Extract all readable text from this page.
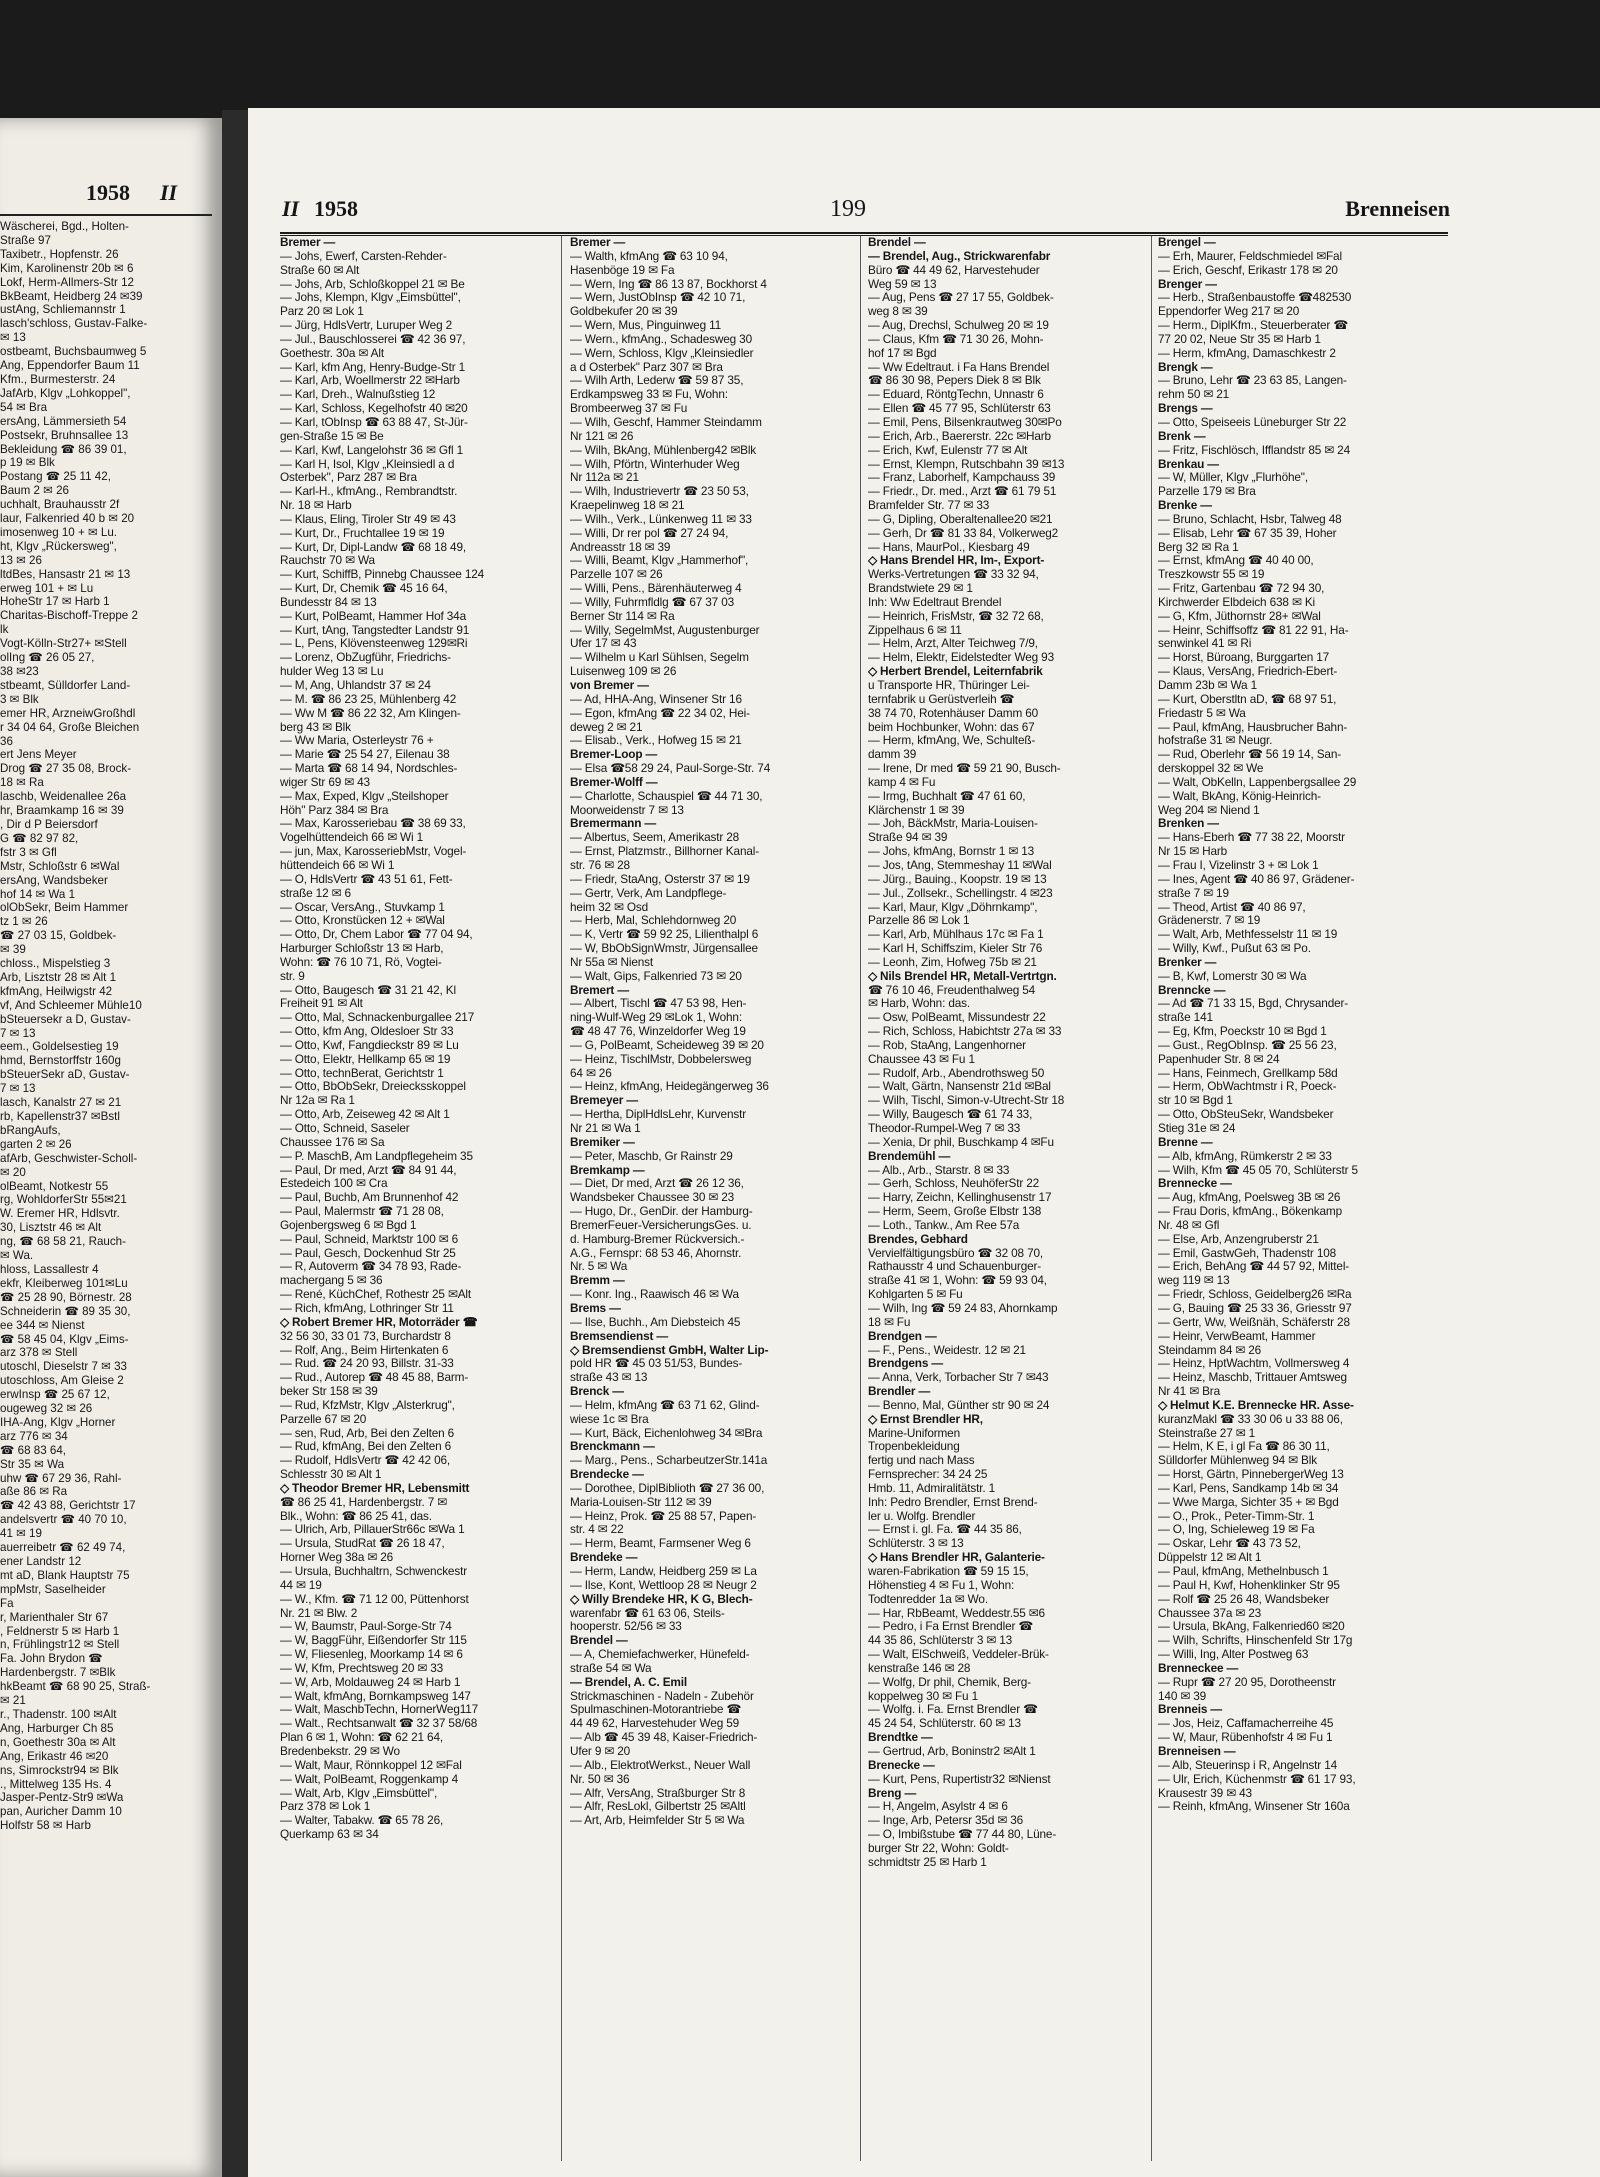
1958 II
Wäscherei, Bgd., Holten-
Straße 97
Taxibetr., Hopfenstr. 26
Kim, Karolinenstr 20b ✉ 6
Lokf, Herm-Allmers-Str 12
BkBeamt, Heidberg 24 ✉39
ustAng, Schliemannstr 1
lasch'schloss, Gustav-Falke-
✉ 13
ostbeamt, Buchsbaumweg 5
Ang, Eppendorfer Baum 11
Kfm., Burmesterstr. 24
JafArb, Klgv „Lohkoppel",
54 ✉ Bra
ersAng, Lämmersieth 54
Postsekr, Bruhnsallee 13
Bekleidung ☎ 86 39 01,
p 19 ✉ Blk
Postang ☎ 25 11 42,
Baum 2 ✉ 26
uchhalt, Brauhausstr 2f
laur, Falkenried 40 b ✉ 20
imosenweg 10 + ✉ Lu.
ht, Klgv „Rückersweg",
13 ✉ 26
ltdBes, Hansastr 21 ✉ 13
erweg 101 + ✉ Lu
HoheStr 17 ✉ Harb 1
Charitas-Bischoff-Treppe 2
lk
Vogt-Kölln-Str27+ ✉Stell
olIng ☎ 26 05 27,
38 ✉23
stbeamt, Sülldorfer Land-
3 ✉ Blk
emer HR, ArzneiwGroßhdl
r 34 04 64, Große Bleichen
36
ert Jens Meyer
Drog ☎ 27 35 08, Brock-
18 ✉ Ra
laschb, Weidenallee 26a
hr, Braamkamp 16 ✉ 39
, Dir d P Beiersdorf
G ☎ 82 97 82,
fstr 3 ✉ Gfl
Mstr, Schloßstr 6 ✉Wal
ersAng, Wandsbeker
hof 14 ✉ Wa 1
olObSekr, Beim Hammer
tz 1 ✉ 26
☎ 27 03 15, Goldbek-
✉ 39
chloss., Mispelstieg 3
Arb, Lisztstr 28 ✉ Alt 1
kfmAng, Heilwigstr 42
vf, And Schleemer Mühle10
bSteuersekr a D, Gustav-
7 ✉ 13
eem., Goldelsestieg 19
hmd, Bernstorffstr 160g
bSteuerSekr aD, Gustav-
7 ✉ 13
lasch, Kanalstr 27 ✉ 21
rb, Kapellenstr37 ✉Bstl
bRangAufs,
garten 2 ✉ 26
afArb, Geschwister-Scholl-
✉ 20
olBeamt, Notkestr 55
rg, WohldorferStr 55✉21
W. Eremer HR, Hdlsvtr.
30, Lisztstr 46 ✉ Alt
ng, ☎ 68 58 21, Rauch-
✉ Wa.
hloss, Lassallestr 4
ekfr, Kleiberweg 101✉Lu
☎ 25 28 90, Börnestr. 28
Schneiderin ☎ 89 35 30,
ee 344 ✉ Nienst
☎ 58 45 04, Klgv „Eims-
arz 378 ✉ Stell
utoschl, Dieselstr 7 ✉ 33
utoschloss, Am Gleise 2
erwInsp ☎ 25 67 12,
ougeweg 32 ✉ 26
IHA-Ang, Klgv „Horner
arz 776 ✉ 34
☎ 68 83 64,
Str 35 ✉ Wa
uhw ☎ 67 29 36, Rahl-
aße 86 ✉ Ra
☎ 42 43 88, Gerichtstr 17
andelsvertr ☎ 40 70 10,
41 ✉ 19
auerreibetr ☎ 62 49 74,
ener Landstr 12
mt aD, Blank Hauptstr 75
mpMstr, Saselheider
Fa
r, Marienthaler Str 67
, Feldnerstr 5 ✉ Harb 1
n, Frühlingstr12 ✉ Stell
Fa. John Brydon ☎
Hardenbergstr. 7 ✉Blk
hkBeamt ☎ 68 90 25, Straß-
✉ 21
r., Thadenstr. 100 ✉Alt
Ang, Harburger Ch 85
n, Goethestr 30a ✉ Alt
Ang, Erikastr 46 ✉20
ns, Simrockstr94 ✉ Blk
., Mittelweg 135 Hs. 4
Jasper-Pentz-Str9 ✉Wa
pan, Auricher Damm 10
Holfstr 58 ✉ Harb
II 1958	199	Brenneisen
Bremer —
— Johs, Ewerf, Carsten-Rehder-
Straße 60 ✉ Alt
— Johs, Arb, Schloßkoppel 21 ✉ Be
— Johs, Klempn, Klgv „Eimsbüttel",
Parz 20 ✉ Lok 1
— Jürg, HdlsVertr, Luruper Weg 2
— Jul., Bauschlosserei ☎ 42 36 97,
Goethestr. 30a ✉ Alt
— Karl, kfm Ang, Henry-Budge-Str 1
— Karl, Arb, Woellmerstr 22 ✉Harb
— Karl, Dreh., Walnußstieg 12
— Karl, Schloss, Kegelhofstr 40 ✉20
— Karl, tObInsp ☎ 63 88 47, St-Jür-
gen-Straße 15 ✉ Be
— Karl, Kwf, Langelohstr 36 ✉ Gfl 1
— Karl H, Isol, Klgv „Kleinsiedl a d
Osterbek", Parz 287 ✉ Bra
— Karl-H., kfmAng., Rembrandtstr.
Nr. 18 ✉ Harb
— Klaus, Eling, Tiroler Str 49 ✉ 43
— Kurt, Dr., Fruchtallee 19 ✉ 19
— Kurt, Dr, Dipl-Landw ☎ 68 18 49,
Rauchstr 70 ✉ Wa
— Kurt, SchiffB, Pinnebg Chaussee 124
— Kurt, Dr, Chemik ☎ 45 16 64,
Bundesstr 84 ✉ 13
— Kurt, PolBeamt, Hammer Hof 34a
— Kurt, tAng, Tangstedter Landstr 91
— L, Pens, Klövensteenweg 129✉Ri
— Lorenz, ObZugführ, Friedrichs-
hulder Weg 13 ✉ Lu
— M, Ang, Uhlandstr 37 ✉ 24
— M. ☎ 86 23 25, Mühlenberg 42
— Ww M ☎ 86 22 32, Am Klingen-
berg 43 ✉ Blk
— Ww Maria, Osterleystr 76 +
— Marie ☎ 25 54 27, Eilenau 38
— Marta ☎ 68 14 94, Nordschles-
wiger Str 69 ✉ 43
— Max, Exped, Klgv „Steilshoper
Höh" Parz 384 ✉ Bra
— Max, Karosseriebau ☎ 38 69 33,
Vogelhüttendeich 66 ✉ Wi 1
— jun, Max, KarosseriebMstr, Vogel-
hüttendeich 66 ✉ Wi 1
— O, HdlsVertr ☎ 43 51 61, Fett-
straße 12 ✉ 6
— Oscar, VersAng., Stuvkamp 1
— Otto, Kronstücken 12 + ✉Wal
— Otto, Dr, Chem Labor ☎ 77 04 94,
Harburger Schloßstr 13 ✉ Harb,
Wohn: ☎ 76 10 71, Rö, Vogtei-
str. 9
— Otto, Baugesch ☎ 31 21 42, Kl
Freiheit 91 ✉ Alt
— Otto, Mal, Schnackenburgallee 217
— Otto, kfm Ang, Oldesloer Str 33
— Otto, Kwf, Fangdieckstr 89 ✉ Lu
— Otto, Elektr, Hellkamp 65 ✉ 19
— Otto, technBerat, Gerichtstr 1
— Otto, BbObSekr, Dreiecksskoppel
Nr 12a ✉ Ra 1
— Otto, Arb, Zeiseweg 42 ✉ Alt 1
— Otto, Schneid, Saseler
Chaussee 176 ✉ Sa
— P. MaschB, Am Landpflegeheim 35
— Paul, Dr med, Arzt ☎ 84 91 44,
Estedeich 100 ✉ Cra
— Paul, Buchb, Am Brunnenhof 42
— Paul, Malermstr ☎ 71 28 08,
Gojenbergsweg 6 ✉ Bgd 1
— Paul, Schneid, Marktstr 100 ✉ 6
— Paul, Gesch, Dockenhud Str 25
— R, Autoverm ☎ 34 78 93, Rade-
machergang 5 ✉ 36
— René, KüchChef, Rothestr 25 ✉Alt
— Rich, kfmAng, Lothringer Str 11
◇ Robert Bremer HR, Motorräder ☎
32 56 30, 33 01 73, Burchardstr 8
— Rolf, Ang., Beim Hirtenkaten 6
— Rud. ☎ 24 20 93, Billstr. 31-33
— Rud., Autorep ☎ 48 45 88, Barm-
beker Str 158 ✉ 39
— Rud, KfzMstr, Klgv „Alsterkrug",
Parzelle 67 ✉ 20
— sen, Rud, Arb, Bei den Zelten 6
— Rud, kfmAng, Bei den Zelten 6
— Rudolf, HdlsVertr ☎ 42 42 06,
Schlesstr 30 ✉ Alt 1
◇ Theodor Bremer HR, Lebensmitt
☎ 86 25 41, Hardenbergstr. 7 ✉
Blk., Wohn: ☎ 86 25 41, das.
— Ulrich, Arb, PillauerStr66c ✉Wa 1
— Ursula, StudRat ☎ 26 18 47,
Horner Weg 38a ✉ 26
— Ursula, Buchhaltrn, Schwenckestr
44 ✉ 19
— W., Kfm. ☎ 71 12 00, Püttenhorst
Nr. 21 ✉ Blw. 2
— W, Baumstr, Paul-Sorge-Str 74
— W, BaggFühr, Eißendorfer Str 115
— W, Fliesenleg, Moorkamp 14 ✉ 6
— W, Kfm, Prechtsweg 20 ✉ 33
— W, Arb, Moldauweg 24 ✉ Harb 1
— Walt, kfmAng, Bornkampsweg 147
— Walt, MaschbTechn, HornerWeg117
— Walt., Rechtsanwalt ☎ 32 37 58/68
Plan 6 ✉ 1, Wohn: ☎ 62 21 64,
Bredenbekstr. 29 ✉ Wo
— Walt, Maur, Rönnkoppel 12 ✉Fal
— Walt, PolBeamt, Roggenkamp 4
— Walt, Arb, Klgv „Eimsbüttel",
Parz 378 ✉ Lok 1
— Walter, Tabakw. ☎ 65 78 26,
Querkamp 63 ✉ 34
Bremer —
— Walth, kfmAng ☎ 63 10 94,
Hasenböge 19 ✉ Fa
— Wern, Ing ☎ 86 13 87, Bockhorst 4
— Wern, JustObInsp ☎ 42 10 71,
Goldbekufer 20 ✉ 39
— Wern, Mus, Pinguinweg 11
— Wern., kfmAng., Schadesweg 30
— Wern, Schloss, Klgv „Kleinsiedler
a d Osterbek" Parz 307 ✉ Bra
— Wilh Arth, Lederw ☎ 59 87 35,
Erdkampsweg 33 ✉ Fu, Wohn:
Brombeerweg 37 ✉ Fu
— Wilh, Geschf, Hammer Steindamm
Nr 121 ✉ 26
— Wilh, BkAng, Mühlenberg42 ✉Blk
— Wilh, Pförtn, Winterhuder Weg
Nr 112a ✉ 21
— Wilh, Industrievertr ☎ 23 50 53,
Kraepelinweg 18 ✉ 21
— Wilh., Verk., Lünkenweg 11 ✉ 33
— Willi, Dr rer pol ☎ 27 24 94,
Andreasstr 18 ✉ 39
— Willi, Beamt, Klgv „Hammerhof",
Parzelle 107 ✉ 26
— Willi, Pens., Bärenhäuterweg 4
— Willy, Fuhrmfldlg ☎ 67 37 03
Berner Str 114 ✉ Ra
— Willy, SegelmMst, Augustenburger
Ufer 17 ✉ 43
— Wilhelm u Karl Sühlsen, Segelm
Luisenweg 109 ✉ 26
von Bremer —
— Ad, HHA-Ang, Winsener Str 16
— Egon, kfmAng ☎ 22 34 02, Hei-
deweg 2 ✉ 21
— Elisab., Verk., Hofweg 15 ✉ 21
Bremer-Loop —
— Elsa ☎58 29 24, Paul-Sorge-Str. 74
Bremer-Wolff —
— Charlotte, Schauspiel ☎ 44 71 30,
Moorweidenstr 7 ✉ 13
Bremermann —
— Albertus, Seem, Amerikastr 28
— Ernst, Platzmstr., Billhorner Kanal-
str. 76 ✉ 28
— Friedr, StaAng, Osterstr 37 ✉ 19
— Gertr, Verk, Am Landpflege-
heim 32 ✉ Osd
— Herb, Mal, Schlehdornweg 20
— K, Vertr ☎ 59 92 25, Lilienthalpl 6
— W, BbObSignWmstr, Jürgensallee
Nr 55a ✉ Nienst
— Walt, Gips, Falkenried 73 ✉ 20
Bremert —
— Albert, Tischl ☎ 47 53 98, Hen-
ning-Wulf-Weg 29 ✉Lok 1, Wohn:
☎ 48 47 76, Winzeldorfer Weg 19
— G, PolBeamt, Scheideweg 39 ✉ 20
— Heinz, TischlMstr, Dobbelersweg
64 ✉ 26
— Heinz, kfmAng, Heidegängerweg 36
Bremeyer —
— Hertha, DiplHdlsLehr, Kurvenstr
Nr 21 ✉ Wa 1
Bremiker —
— Peter, Maschb, Gr Rainstr 29
Bremkamp —
— Diet, Dr med, Arzt ☎ 26 12 36,
Wandsbeker Chaussee 30 ✉ 23
— Hugo, Dr., GenDir. der Hamburg-
BremerFeuer-VersicherungsGes. u.
d. Hamburg-Bremer Rückversich.-
A.G., Fernspr: 68 53 46, Ahornstr.
Nr. 5 ✉ Wa
Bremm —
— Konr. Ing., Raawisch 46 ✉ Wa
Brems —
— Ilse, Buchh., Am Diebsteich 45
Bremsendienst —
◇ Bremsendienst GmbH, Walter Lip-
pold HR ☎ 45 03 51/53, Bundes-
straße 43 ✉ 13
Brenck —
— Helm, kfmAng ☎ 63 71 62, Glind-
wiese 1c ✉ Bra
— Kurt, Bäck, Eichenlohweg 34 ✉Bra
Brenckmann —
— Marg., Pens., ScharbeutzerStr.141a
Brendecke —
— Dorothee, DiplBiblioth ☎ 27 36 00,
Maria-Louisen-Str 112 ✉ 39
— Heinz, Prok. ☎ 25 88 57, Papen-
str. 4 ✉ 22
— Herm, Beamt, Farmsener Weg 6
Brendeke —
— Herm, Landw, Heidberg 259 ✉ La
— Ilse, Kont, Wettloop 28 ✉ Neugr 2
◇ Willy Brendeke HR, K G, Blech-
warenfabr ☎ 61 63 06, Steils-
hooperstr. 52/56 ✉ 33
Brendel —
— A, Chemiefachwerker, Hünefeld-
straße 54 ✉ Wa
— Brendel, A. C. Emil
Strickmaschinen - Nadeln - Zubehör
Spulmaschinen-Motorantriebe ☎
44 49 62, Harvestehuder Weg 59
— Alb ☎ 45 39 48, Kaiser-Friedrich-
Ufer 9 ✉ 20
— Alb., ElektrotWerkst., Neuer Wall
Nr. 50 ✉ 36
— Alfr, VersAng, Straßburger Str 8
— Alfr, ResLokl, Gilbertstr 25 ✉Altl
— Art, Arb, Heimfelder Str 5 ✉ Wa
Brendel —
— Brendel, Aug., Strickwarenfabr
Büro ☎ 44 49 62, Harvestehuder
Weg 59 ✉ 13
— Aug, Pens ☎ 27 17 55, Goldbek-
weg 8 ✉ 39
— Aug, Drechsl, Schulweg 20 ✉ 19
— Claus, Kfm ☎ 71 30 26, Mohn-
hof 17 ✉ Bgd
— Ww Edeltraut. i Fa Hans Brendel
☎ 86 30 98, Pepers Diek 8 ✉ Blk
— Eduard, RöntgTechn, Unnastr 6
— Ellen ☎ 45 77 95, Schlüterstr 63
— Emil, Pens, Bilsenkrautweg 30✉Po
— Erich, Arb., Baererstr. 22c ✉Harb
— Erich, Kwf, Eulenstr 77 ✉ Alt
— Ernst, Klempn, Rutschbahn 39 ✉13
— Franz, Laborhelf, Kampchauss 39
— Friedr., Dr. med., Arzt ☎ 61 79 51
Bramfelder Str. 77 ✉ 33
— G, Dipling, Oberaltenallee20 ✉21
— Gerh, Dr ☎ 81 33 84, Volkerweg2
— Hans, MaurPol., Kiesbarg 49
◇ Hans Brendel HR, Im-, Export-
Werks-Vertretungen ☎ 33 32 94,
Brandstwiete 29 ✉ 1
Inh: Ww Edeltraut Brendel
— Heinrich, FrisMstr, ☎ 32 72 68,
Zippelhaus 6 ✉ 11
— Helm, Arzt, Alter Teichweg 7/9,
— Helm, Elektr, Eidelstedter Weg 93
◇ Herbert Brendel, Leiternfabrik
u Transporte HR, Thüringer Lei-
ternfabrik u Gerüstverleih ☎
38 74 70, Rotenhäuser Damm 60
beim Hochbunker, Wohn: das 67
— Herm, kfmAng, We, Schulteß-
damm 39
— Irene, Dr med ☎ 59 21 90, Busch-
kamp 4 ✉ Fu
— Irmg, Buchhalt ☎ 47 61 60,
Klärchenstr 1 ✉ 39
— Joh, BäckMstr, Maria-Louisen-
Straße 94 ✉ 39
— Johs, kfmAng, Bornstr 1 ✉ 13
— Jos, tAng, Stemmeshay 11 ✉Wal
— Jürg., Bauing., Koopstr. 19 ✉ 13
— Jul., Zollsekr., Schellingstr. 4 ✉23
— Karl, Maur, Klgv „Döhrnkamp",
Parzelle 86 ✉ Lok 1
— Karl, Arb, Mühlhaus 17c ✉ Fa 1
— Karl H, Schiffszim, Kieler Str 76
— Leonh, Zim, Hofweg 75b ✉ 21
◇ Nils Brendel HR, Metall-Vertrtgn.
☎ 76 10 46, Freudenthalweg 54
✉ Harb, Wohn: das.
— Osw, PolBeamt, Missundestr 22
— Rich, Schloss, Habichtstr 27a ✉ 33
— Rob, StaAng, Langenhorner
Chaussee 43 ✉ Fu 1
— Rudolf, Arb., Abendrothsweg 50
— Walt, Gärtn, Nansenstr 21d ✉Bal
— Wilh, Tischl, Simon-v-Utrecht-Str 18
— Willy, Baugesch ☎ 61 74 33,
Theodor-Rumpel-Weg 7 ✉ 33
— Xenia, Dr phil, Buschkamp 4 ✉Fu
Brendemühl —
— Alb., Arb., Starstr. 8 ✉ 33
— Gerh, Schloss, NeuhöferStr 22
— Harry, Zeichn, Kellinghusenstr 17
— Herm, Seem, Große Elbstr 138
— Loth., Tankw., Am Ree 57a
Brendes, Gebhard
Vervielfältigungsbüro ☎ 32 08 70,
Rathausstr 4 und Schauenburger-
straße 41 ✉ 1, Wohn: ☎ 59 93 04,
Kohlgarten 5 ✉ Fu
— Wilh, Ing ☎ 59 24 83, Ahornkamp
18 ✉ Fu
Brendgen —
— F., Pens., Weidestr. 12 ✉ 21
Brendgens —
— Anna, Verk, Torbacher Str 7 ✉43
Brendler —
— Benno, Mal, Günther str 90 ✉ 24
◇ Ernst Brendler HR,
Marine-Uniformen
Tropenbekleidung
fertig und nach Mass
Fernsprecher: 34 24 25
Hmb. 11, Admiralitätstr. 1
Inh: Pedro Brendler, Ernst Brend-
ler u. Wolfg. Brendler
— Ernst i. gl. Fa. ☎ 44 35 86,
Schlüterstr. 3 ✉ 13
◇ Hans Brendler HR, Galanterie-
waren-Fabrikation ☎ 59 15 15,
Höhenstieg 4 ✉ Fu 1, Wohn:
Todtenredder 1a ✉ Wo.
— Har, RbBeamt, Weddestr.55 ✉6
— Pedro, i Fa Ernst Brendler ☎
44 35 86, Schlüterstr 3 ✉ 13
— Walt, ElSchweiß, Veddeler-Brük-
kenstraße 146 ✉ 28
— Wolfg, Dr phil, Chemik, Berg-
koppelweg 30 ✉ Fu 1
— Wolfg. i. Fa. Ernst Brendler ☎
45 24 54, Schlüterstr. 60 ✉ 13
Brendtke —
— Gertrud, Arb, Boninstr2 ✉Alt 1
Brenecke —
— Kurt, Pens, Rupertistr32 ✉Nienst
Breng —
— H, Angelm, Asylstr 4 ✉ 6
— Inge, Arb, Petersr 35d ✉ 36
— O, Imbißstube ☎ 77 44 80, Lüne-
burger Str 22, Wohn: Goldt-
schmidtstr 25 ✉ Harb 1
Brengel —
— Erh, Maurer, Feldschmiedel ✉Fal
— Erich, Geschf, Erikastr 178 ✉ 20
Brenger —
— Herb., Straßenbaustoffe ☎482530
Eppendorfer Weg 217 ✉ 20
— Herm., DiplKfm., Steuerberater ☎
77 20 02, Neue Str 35 ✉ Harb 1
— Herm, kfmAng, Damaschkestr 2
Brengk —
— Bruno, Lehr ☎ 23 63 85, Langen-
rehm 50 ✉ 21
Brengs —
— Otto, Speiseeis Lüneburger Str 22
Brenk —
— Fritz, Fischlösch, Ifflandstr 85 ✉ 24
Brenkau —
— W, Müller, Klgv „Flurhöhe",
Parzelle 179 ✉ Bra
Brenke —
— Bruno, Schlacht, Hsbr, Talweg 48
— Elisab, Lehr ☎ 67 35 39, Hoher
Berg 32 ✉ Ra 1
— Ernst, kfmAng ☎ 40 40 00,
Treszkowstr 55 ✉ 19
— Fritz, Gartenbau ☎ 72 94 30,
Kirchwerder Elbdeich 638 ✉ Ki
— G, Kfm, Jüthornstr 28+ ✉Wal
— Heinr, Schiffsoffz ☎ 81 22 91, Ha-
senwinkel 41 ✉ Ri
— Horst, Büroang, Burggarten 17
— Klaus, VersAng, Friedrich-Ebert-
Damm 23b ✉ Wa 1
— Kurt, Oberstltn aD, ☎ 68 97 51,
Friedastr 5 ✉ Wa
— Paul, kfmAng, Hausbrucher Bahn-
hofstraße 31 ✉ Neugr.
— Rud, Oberlehr ☎ 56 19 14, San-
derskoppel 32 ✉ We
— Walt, ObKelln, Lappenbergsallee 29
— Walt, BkAng, König-Heinrich-
Weg 204 ✉ Niend 1
Brenken —
— Hans-Eberh ☎ 77 38 22, Moorstr
Nr 15 ✉ Harb
— Frau I, Vizelinstr 3 + ✉ Lok 1
— Ines, Agent ☎ 40 86 97, Grädener-
straße 7 ✉ 19
— Theod, Artist ☎ 40 86 97,
Grädenerstr. 7 ✉ 19
— Walt, Arb, Methfesselstr 11 ✉ 19
— Willy, Kwf., Pußut 63 ✉ Po.
Brenker —
— B, Kwf, Lomerstr 30 ✉ Wa
Brenncke —
— Ad ☎ 71 33 15, Bgd, Chrysander-
straße 141
— Eg, Kfm, Poeckstr 10 ✉ Bgd 1
— Gust., RegObInsp. ☎ 25 56 23,
Papenhuder Str. 8 ✉ 24
— Hans, Feinmech, Grellkamp 58d
— Herm, ObWachtmstr i R, Poeck-
str 10 ✉ Bgd 1
— Otto, ObSteuSekr, Wandsbeker
Stieg 31e ✉ 24
Brenne —
— Alb, kfmAng, Rümkerstr 2 ✉ 33
— Wilh, Kfm ☎ 45 05 70, Schlüterstr 5
Brennecke —
— Aug, kfmAng, Poelsweg 3B ✉ 26
— Frau Doris, kfmAng., Bökenkamp
Nr. 48 ✉ Gfl
— Else, Arb, Anzengruberstr 21
— Emil, GastwGeh, Thadenstr 108
— Erich, BehAng ☎ 44 57 92, Mittel-
weg 119 ✉ 13
— Friedr, Schloss, Geidelberg26 ✉Ra
— G, Bauing ☎ 25 33 36, Griesstr 97
— Gertr, Ww, Weißnäh, Schäferstr 28
— Heinr, VerwBeamt, Hammer
Steindamm 84 ✉ 26
— Heinz, HptWachtm, Vollmersweg 4
— Heinz, Maschb, Trittauer Amtsweg
Nr 41 ✉ Bra
◇ Helmut K.E. Brennecke HR. Asse-
kuranzMakl ☎ 33 30 06 u 33 88 06,
Steinstraße 27 ✉ 1
— Helm, K E, i gl Fa ☎ 86 30 11,
Sülldorfer Mühlenweg 94 ✉ Blk
— Horst, Gärtn, PinnebergerWeg 13
— Karl, Pens, Sandkamp 14b ✉ 34
— Wwe Marga, Sichter 35 + ✉ Bgd
— O., Prok., Peter-Timm-Str. 1
— O, Ing, Schieleweg 19 ✉ Fa
— Oskar, Lehr ☎ 43 73 52,
Düppelstr 12 ✉ Alt 1
— Paul, kfmAng, Methelnbusch 1
— Paul H, Kwf, Hohenklinker Str 95
— Rolf ☎ 25 26 48, Wandsbeker
Chaussee 37a ✉ 23
— Ursula, BkAng, Falkenried60 ✉20
— Wilh, Schrifts, Hinschenfeld Str 17g
— Willi, Ing, Alter Postweg 63
Brenneckee —
— Rupr ☎ 27 20 95, Dorotheenstr
140 ✉ 39
Brenneis —
— Jos, Heiz, Caffamacherreihe 45
— W, Maur, Rübenhofstr 4 ✉ Fu 1
Brenneisen —
— Alb, Steuerinsp i R, Angelnstr 14
— Ulr, Erich, Küchenmstr ☎ 61 17 93,
Krausestr 39 ✉ 43
— Reinh, kfmAng, Winsener Str 160a
